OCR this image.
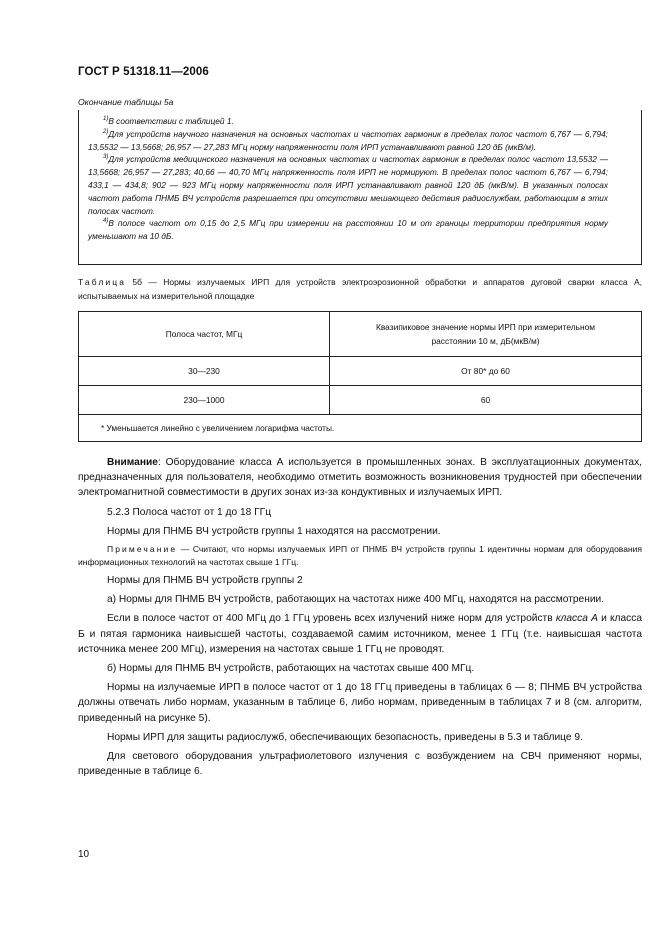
ГОСТ Р 51318.11—2006
Окончание таблицы 5а

$^{1)}$В соответствии с таблицей 1.

$^{2)}$Для устройств научного назначения на основных частотах и частотах гармоник в пределах полос частот 6,767 — 6,794; 13,5532 — 13,5668; 26,957 — 27,283 МГц норму напряженности поля ИРП устанавливают равной 120 дБ (мкВ/м).

$^{3)}$Для устройств медицинского назначения на основных частотах и частотах гармоник в пределах полос частот 13,5532 — 13,5668; 26,957 — 27,283; 40,66 — 40,70 МГц напряженность поля ИРП не нормируют. В пределах полос частот 6,767 — 6,794; 433,1 — 434,8; 902 — 923 МГц норму напряженности поля ИРП устанавливают равной 120 дБ (мкВ/м). В указанных полосах частот работа ПНМБ ВЧ устройств разрешается при отсутствии мешающего действия радиослужбам, работающим в этих полосах частот.

$^{4)}$В полосе частот от 0,15 до 2,5 МГц при измерении на расстоянии 10 м от границы территории предприятия норму уменьшают на 10 дБ.

Таблица 5б — Нормы излучаемых ИРП для устройств электроэрозионной обработки и аппаратов дуговой сварки класса А, испытываемых на измерительной площадке
Полоса частот, МГц	Квазипиковое значение нормы ИРП при измерительном
расстоянии 10 м, дБ(мкВ/м)
30—230	От 80* до 60
230—1000	60
* Уменьшается линейно с увеличением логарифма частоты.	

Внимание: Оборудование класса А используется в промышленных зонах. В эксплуатационных документах, предназначенных для пользователя, необходимо отметить возможность возникновения трудностей при обеспечении электромагнитной совместимости в других зонах из-за кондуктивных и излучаемых ИРП.

5.2.3 Полоса частот от 1 до 18 ГГц

Нормы для ПНМБ ВЧ устройств группы 1 находятся на рассмотрении.

Примечание — Считают, что нормы излучаемых ИРП от ПНМБ ВЧ устройств группы 1 идентичны нормам для оборудования информационных технологий на частотах свыше 1 ГГц.

Нормы для ПНМБ ВЧ устройств группы 2

а) Нормы для ПНМБ ВЧ устройств, работающих на частотах ниже 400 МГц, находятся на рассмотрении.

Если в полосе частот от 400 МГц до 1 ГГц уровень всех излучений ниже норм для устройств класса А и класса Б и пятая гармоника наивысшей частоты, создаваемой самим источником, менее 1 ГГц (т.е. наивысшая частота источника менее 200 МГц), измерения на частотах свыше 1 ГГц не проводят.

б) Нормы для ПНМБ ВЧ устройств, работающих на частотах свыше 400 МГц.

Нормы на излучаемые ИРП в полосе частот от 1 до 18 ГГц приведены в таблицах 6 — 8; ПНМБ ВЧ устройства должны отвечать либо нормам, указанным в таблице 6, либо нормам, приведенным в таблицах 7 и 8 (см. алгоритм, приведенный на рисунке 5).

Нормы ИРП для защиты радиослужб, обеспечивающих безопасность, приведены в 5.3 и таблице 9.

Для светового оборудования ультрафиолетового излучения с возбуждением на СВЧ применяют нормы, приведенные в таблице 6.

10
